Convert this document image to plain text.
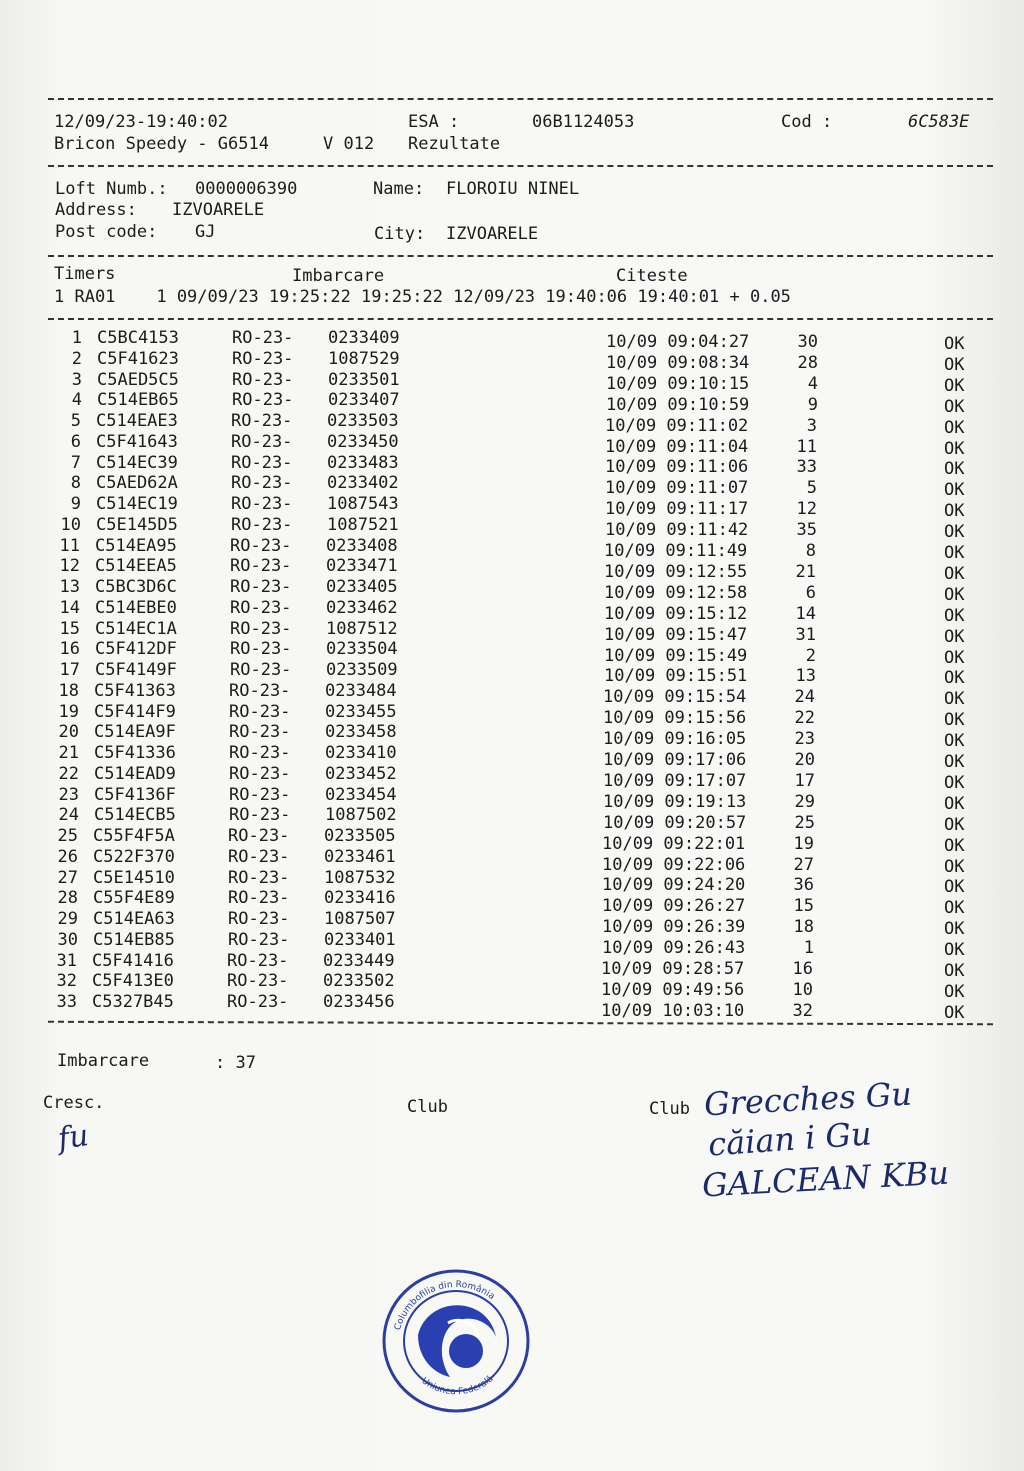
12/09/23-19:40:02	ESA :	06B1124053	Cod :	6C583E
Bricon Speedy - G6514	V 012 Rezultate
Loft Numb.: 0000006390	Name: FLOROIU NINEL
Address: IZVOARELE
Post code: GJ	City: IZVOARELE
Timers	Imbarcare	Citeste
1 RA01    1 09/09/23 19:25:22 19:25:22 12/09/23 19:40:06 19:40:01 + 0.05
1 C5BC4153	RO-23- 0233409	10/09 09:04:27	30	OK
2 C5F41623	RO-23- 1087529	10/09 09:08:34	28	OK
3 C5AED5C5	RO-23- 0233501	10/09 09:10:15	4	OK
4 C514EB65	RO-23- 0233407	10/09 09:10:59	9	OK
5 C514EAE3	RO-23- 0233503	10/09 09:11:02	3	OK
6 C5F41643	RO-23- 0233450	10/09 09:11:04	11	OK
7 C514EC39	RO-23- 0233483	10/09 09:11:06	33	OK
8 C5AED62A	RO-23- 0233402	10/09 09:11:07	5	OK
9 C514EC19	RO-23- 1087543	10/09 09:11:17	12	OK
10 C5E145D5	RO-23- 1087521	10/09 09:11:42	35	OK
11 C514EA95	RO-23- 0233408	10/09 09:11:49	8	OK
12 C514EEA5	RO-23- 0233471	10/09 09:12:55	21	OK
13 C5BC3D6C	RO-23- 0233405	10/09 09:12:58	6	OK
14 C514EBE0	RO-23- 0233462	10/09 09:15:12	14	OK
15 C514EC1A	RO-23- 1087512	10/09 09:15:47	31	OK
16 C5F412DF	RO-23- 0233504	10/09 09:15:49	2	OK
17 C5F4149F	RO-23- 0233509	10/09 09:15:51	13	OK
18 C5F41363	RO-23- 0233484	10/09 09:15:54	24	OK
19 C5F414F9	RO-23- 0233455	10/09 09:15:56	22	OK
20 C514EA9F	RO-23- 0233458	10/09 09:16:05	23	OK
21 C5F41336	RO-23- 0233410	10/09 09:17:06	20	OK
22 C514EAD9	RO-23- 0233452	10/09 09:17:07	17	OK
23 C5F4136F	RO-23- 0233454	10/09 09:19:13	29	OK
24 C514ECB5	RO-23- 1087502	10/09 09:20:57	25	OK
25 C55F4F5A	RO-23- 0233505	10/09 09:22:01	19	OK
26 C522F370	RO-23- 0233461	10/09 09:22:06	27	OK
27 C5E14510	RO-23- 1087532	10/09 09:24:20	36	OK
28 C55F4E89	RO-23- 0233416	10/09 09:26:27	15	OK
29 C514EA63	RO-23- 1087507	10/09 09:26:39	18	OK
30 C514EB85	RO-23- 0233401	10/09 09:26:43	1	OK
31 C5F41416	RO-23- 0233449	10/09 09:28:57	16	OK
32 C5F413E0	RO-23- 0233502	10/09 09:49:56	10	OK
33 C5327B45	RO-23- 0233456	10/09 10:03:10	32	OK
Imbarcare	: 37
Cresc.	Club	Club
fu
Grecches Gu
căian i Gu
GALCEAN KBu
Columbofilia din România
Uniunea Federală
